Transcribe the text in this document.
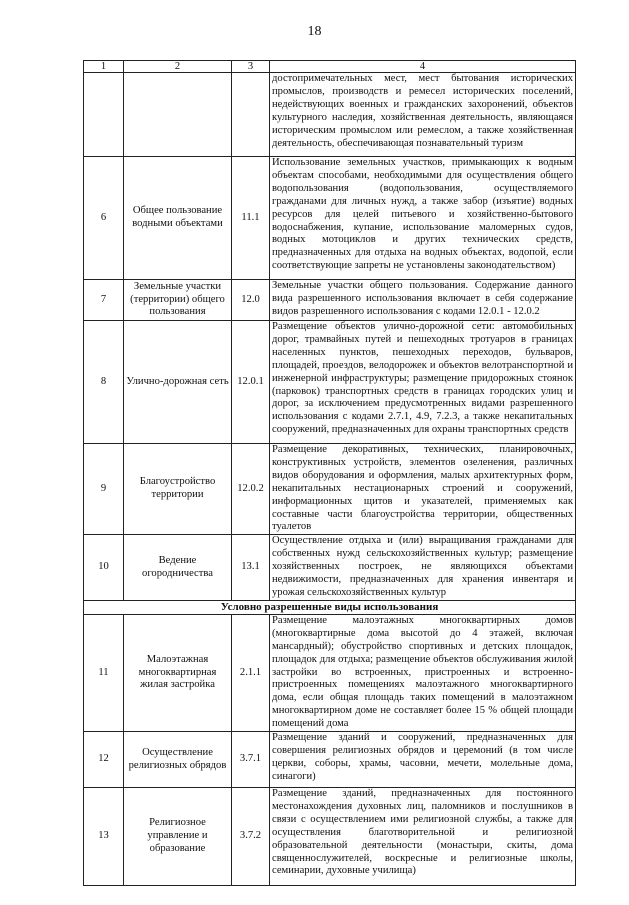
18
1	2	3	4
			достопримечательных мест, мест бытования исторических промыслов, производств и ремесел исторических поселений, недействующих военных и гражданских захоронений, объектов культурного наследия, хозяйственная деятельность, являющаяся историческим промыслом или ремеслом, а также хозяйственная деятельность, обеспечивающая познавательный туризм
6	Общее пользование водными объектами	11.1	Использование земельных участков, примыкающих к водным объектам способами, необходимыми для осуществления общего водопользования (водопользования, осуществляемого гражданами для личных нужд, а также забор (изъятие) водных ресурсов для целей питьевого и хозяйственно-бытового водоснабжения, купание, использование маломерных судов, водных мотоциклов и других технических средств, предназначенных для отдыха на водных объектах, водопой, если соответствующие запреты не установлены законодательством)
7	Земельные участки (территории) общего пользования	12.0	Земельные участки общего пользования. Содержание данного вида разрешенного использования включает в себя содержание видов разрешенного использования с кодами 12.0.1 - 12.0.2
8	Улично-дорожная сеть	12.0.1	Размещение объектов улично-дорожной сети: автомобильных дорог, трамвайных путей и пешеходных тротуаров в границах населенных пунктов, пешеходных переходов, бульваров, площадей, проездов, велодорожек и объектов велотранспортной и инженерной инфраструктуры; размещение придорожных стоянок (парковок) транспортных средств в границах городских улиц и дорог, за исключением предусмотренных видами разрешенного использования с кодами 2.7.1, 4.9, 7.2.3, а также некапитальных сооружений, предназначенных для охраны транспортных средств
9	Благоустройство территории	12.0.2	Размещение декоративных, технических, планировочных, конструктивных устройств, элементов озеленения, различных видов оборудования и оформления, малых архитектурных форм, некапитальных нестационарных строений и сооружений, информационных щитов и указателей, применяемых как составные части благоустройства территории, общественных туалетов
10	Ведение огородничества	13.1	Осуществление отдыха и (или) выращивания гражданами для собственных нужд сельскохозяйственных культур; размещение хозяйственных построек, не являющихся объектами недвижимости, предназначенных для хранения инвентаря и урожая сельскохозяйственных культур
Условно разрешенные виды использования			
11	Малоэтажная многоквартирная жилая застройка	2.1.1	Размещение малоэтажных многоквартирных домов (многоквартирные дома высотой до 4 этажей, включая мансардный); обустройство спортивных и детских площадок, площадок для отдыха; размещение объектов обслуживания жилой застройки во встроенных, пристроенных и встроенно-пристроенных помещениях малоэтажного многоквартирного дома, если общая площадь таких помещений в малоэтажном многоквартирном доме не составляет более 15 % общей площади помещений дома
12	Осуществление религиозных обрядов	3.7.1	Размещение зданий и сооружений, предназначенных для совершения религиозных обрядов и церемоний (в том числе церкви, соборы, храмы, часовни, мечети, молельные дома, синагоги)
13	Религиозное управление и образование	3.7.2	Размещение зданий, предназначенных для постоянного местонахождения духовных лиц, паломников и послушников в связи с осуществлением ими религиозной службы, а также для осуществления благотворительной и религиозной образовательной деятельности (монастыри, скиты, дома священнослужителей, воскресные и религиозные школы, семинарии, духовные училища)
